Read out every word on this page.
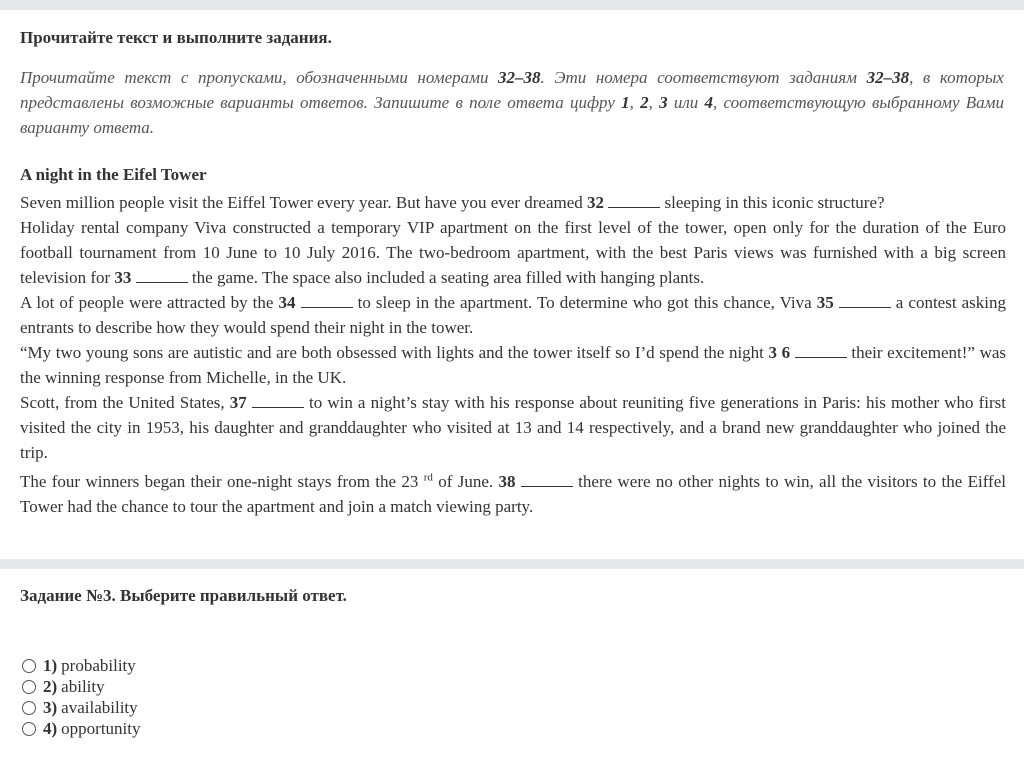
Прочитайте текст и выполните задания.

Прочитайте текст с пропусками, обозначенными номерами 32–38. Эти номера соответствуют заданиям 32–38, в которых представлены возможные варианты ответов. Запишите в поле ответа цифру 1, 2, 3 или 4, соответствующую выбранному Вами варианту ответа.

A night in the Eifel Tower

Seven million people visit the Eiffel Tower every year. But have you ever dreamed 32	sleeping in this iconic structure?

Holiday rental company Viva constructed a temporary VIP apartment on the first level of the tower, open only for the duration of the Euro football tournament from 10 June to 10 July 2016. The two-bedroom apartment, with the best Paris views was furnished with a big screen television for 33	the game. The space also included a seating area filled with hanging plants.

A lot of people were attracted by the 34	to sleep in the apartment. To determine who got this chance, Viva 35	a contest asking entrants to describe how they would spend their night in the tower.

“My two young sons are autistic and are both obsessed with lights and the tower itself so I’d spend the night 3 6	their excitement!” was the winning response from Michelle, in the UK.

Scott, from the United States, 37	to win a night’s stay with his response about reuniting five generations in Paris: his mother who first visited the city in 1953, his daughter and granddaughter who visited at 13 and 14 respectively, and a brand new granddaughter who joined the trip.

The four winners began their one-night stays from the 23 $^{rd}$ of June. 38	there were no other nights to win, all the visitors to the Eiffel Tower had the chance to tour the apartment and join a match viewing party.

Задание №3. Выберите правильный ответ.
1) probability
2) ability
3) availability
4) opportunity
